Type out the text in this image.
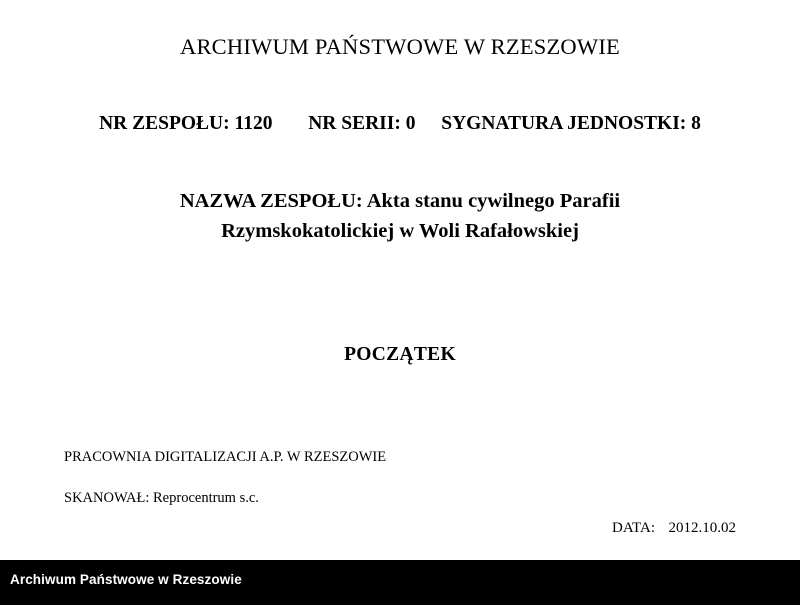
ARCHIWUM PAŃSTWOWE W RZESZOWIE
NR ZESPOŁU: 1120 NR SERII: 0 SYGNATURA JEDNOSTKI: 8
NAZWA ZESPOŁU: Akta stanu cywilnego Parafii
Rzymskokatolickiej w Woli Rafałowskiej
POCZĄTEK
PRACOWNIA DIGITALIZACJI A.P. W RZESZOWIE
SKANOWAŁ: Reprocentrum s.c.
DATA: 2012.10.02
Archiwum Państwowe w Rzeszowie
